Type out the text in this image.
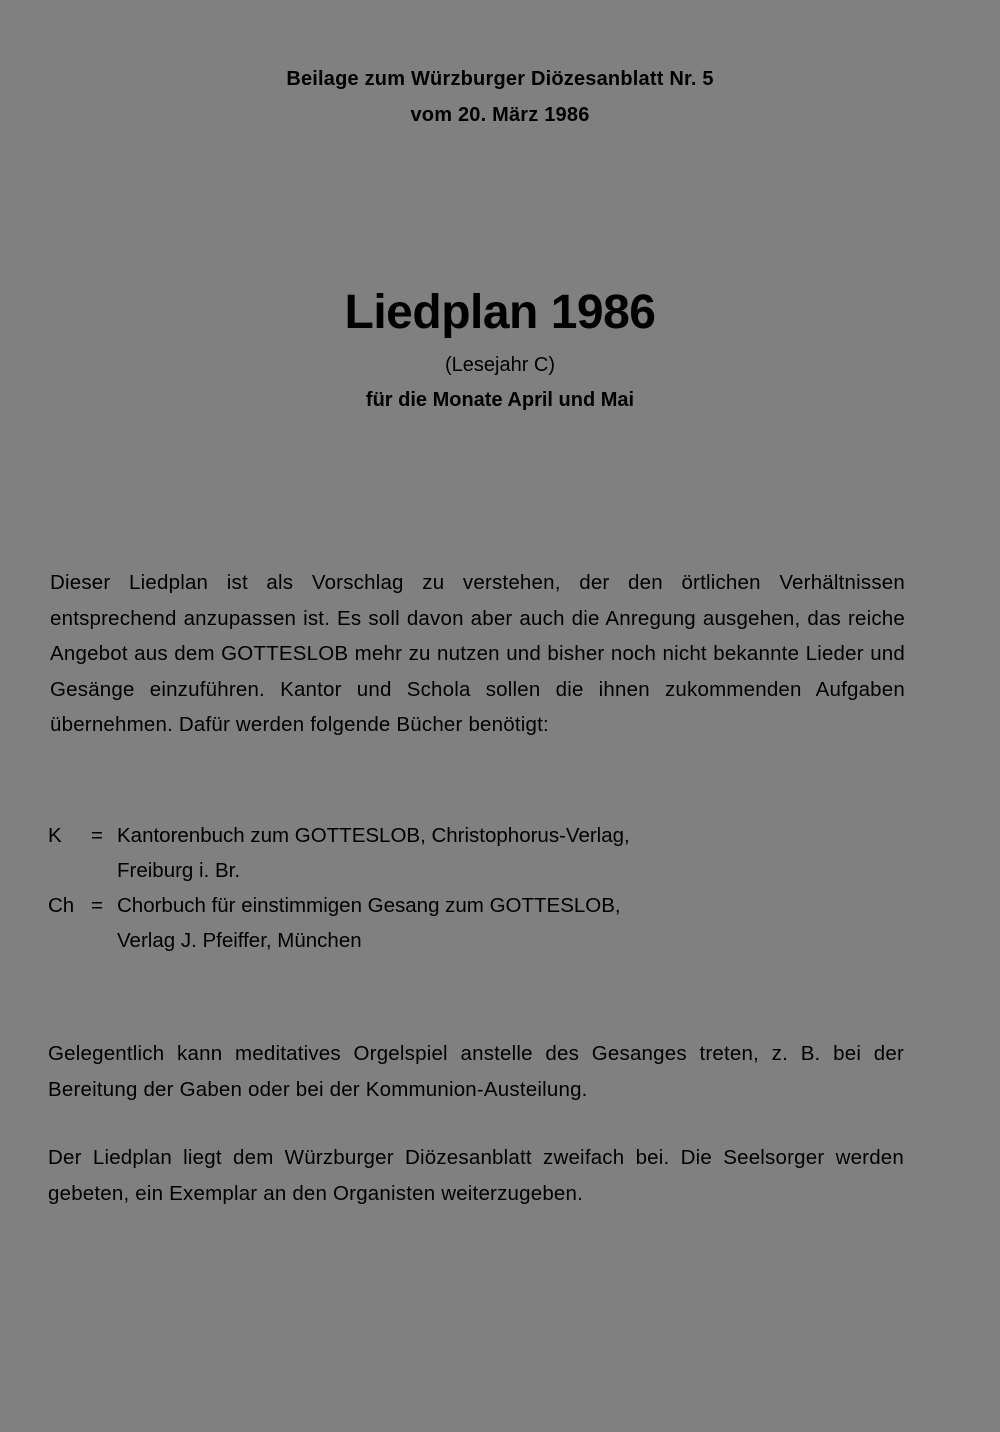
Beilage zum Würzburger Diözesanblatt Nr. 5
vom 20. März 1986
Liedplan 1986
(Lesejahr C)
für die Monate April und Mai
Dieser Liedplan ist als Vorschlag zu verstehen, der den örtlichen Verhältnissen entsprechend anzupassen ist. Es soll davon aber auch die Anregung ausgehen, das reiche Angebot aus dem GOTTESLOB mehr zu nutzen und bisher noch nicht bekannte Lieder und Gesänge einzuführen. Kantor und Schola sollen die ihnen zukommenden Aufgaben übernehmen. Dafür werden folgende Bücher benötigt:
K	= Kantorenbuch zum GOTTESLOB, Christophorus-Verlag,
Freiburg i. Br.
Ch = Chorbuch für einstimmigen Gesang zum GOTTESLOB,
Verlag J. Pfeiffer, München
Gelegentlich kann meditatives Orgelspiel anstelle des Gesanges treten, z. B. bei der Bereitung der Gaben oder bei der Kommunion-Austeilung.
Der Liedplan liegt dem Würzburger Diözesanblatt zweifach bei. Die Seelsorger werden gebeten, ein Exemplar an den Organisten weiterzugeben.
